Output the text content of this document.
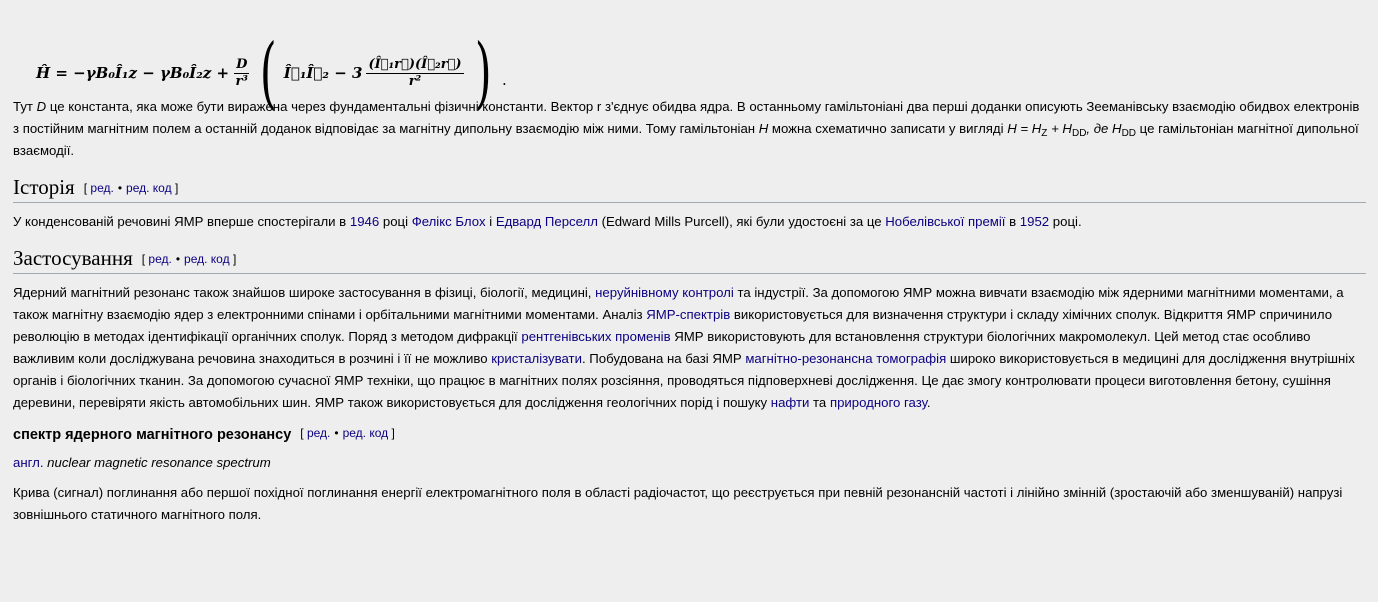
Ĥ = −γB₀Î₁z − γB₀Î₂z + $\frac{D}{\text{r³}}$ ( Î⃗₁Î⃗₂ − $3 \frac{\text{(Î⃗₁r⃗)(Î⃗₂r⃗)}}{\text{r²}}$ ) .

Тут D це константа, яка може бути виражена через фундаментальні фізичні константи. Вектор r з'єднує обидва ядра. В останньому гамільтоніані два перші доданки описують Зееманівську взаємодію обидвох електронів з постійним магнітним полем а останній доданок відповідає за магнітну дипольну взаємодію між ними. Тому гамільтоніан H можна схематично записати у вигляді $H = H_Z + H_{DD}$, де $H_{DD}$ це гамільтоніан магнітної дипольної взаємодії.

Історія [ ред. • ред. код ]

У конденсованій речовині ЯМР вперше спостерігали в 1946 році Фелікс Блох і Едвард Перселл (Edward Mills Purcell), які були удостоєні за це Нобелівської премії в 1952 році.

Застосування [ ред. • ред. код ]

Ядерний магнітний резонанс також знайшов широке застосування в фізиці, біології, медицині, неруйнівному контролі та індустрії. За допомогою ЯМР можна вивчати взаємодію між ядерними магнітними моментами, а також магнітну взаємодію ядер з електронними спінами і орбітальними магнітними моментами. Аналіз ЯМР-спектрів використовується для визначення структури і складу хімічних сполук. Відкриття ЯМР спричинило революцію в методах ідентифікації органічних сполук. Поряд з методом дифракції рентгенівських променів ЯМР використовують для встановлення структури біологічних макромолекул. Цей метод стає особливо важливим коли досліджувана речовина знаходиться в розчині і її не можливо кристалізувати. Побудована на базі ЯМР магнітно-резонансна томографія широко використовується в медицині для дослідження внутрішніх органів і біологічних тканин. За допомогою сучасної ЯМР техніки, що працює в магнітних полях розсіяння, проводяться підповерхневі дослідження. Це дає змогу контролювати процеси виготовлення бетону, сушіння деревини, перевіряти якість автомобільних шин. ЯМР також використовується для дослідження геологічних порід і пошуку нафти та природного газу.

спектр ядерного магнітного резонансу [ ред. • ред. код ]

англ. nuclear magnetic resonance spectrum

Крива (сигнал) поглинання або першої похідної поглинання енергії електромагнітного поля в області радіочастот, що реєструється при певній резонансній частоті і лінійно змінній (зростаючій або зменшуваній) напрузі зовнішнього статичного магнітного поля.
